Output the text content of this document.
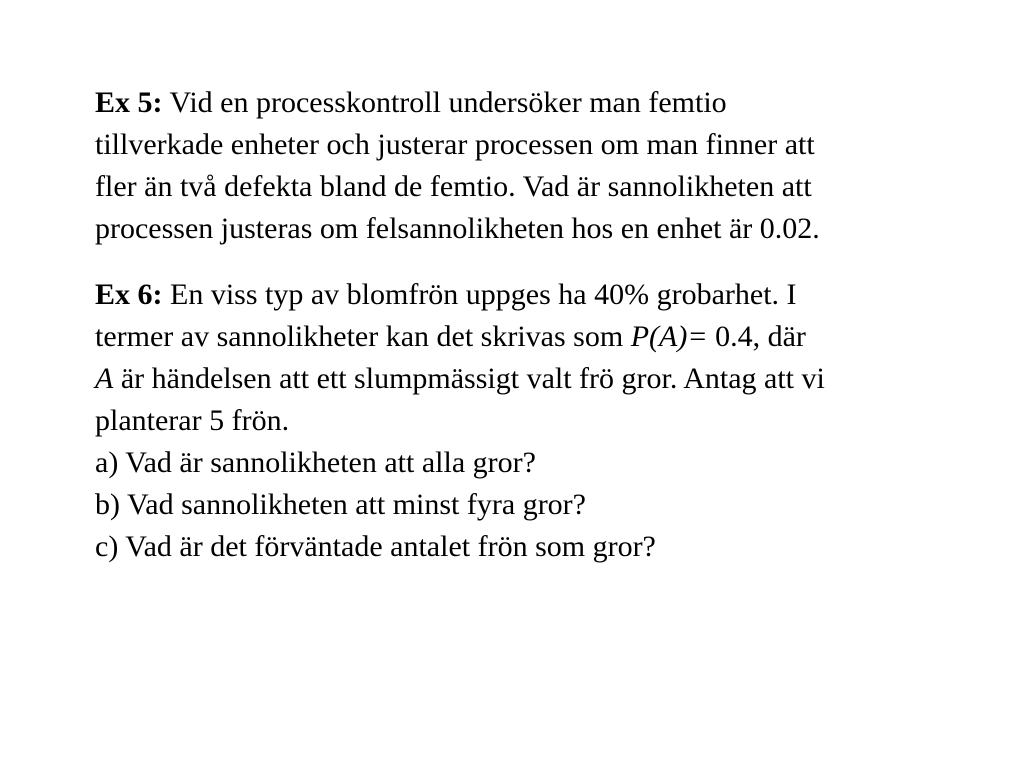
Ex 5: Vid en processkontroll undersöker man femtio
tillverkade enheter och justerar processen om man finner att
fler än två defekta bland de femtio. Vad är sannolikheten att
processen justeras om felsannolikheten hos en enhet är 0.02.
Ex 6: En viss typ av blomfrön uppges ha 40% grobarhet. I
termer av sannolikheter kan det skrivas som P(A)= 0.4, där
A är händelsen att ett slumpmässigt valt frö gror. Antag att vi
planterar 5 frön.
a) Vad är sannolikheten att alla gror?
b) Vad sannolikheten att minst fyra gror?
c) Vad är det förväntade antalet frön som gror?
